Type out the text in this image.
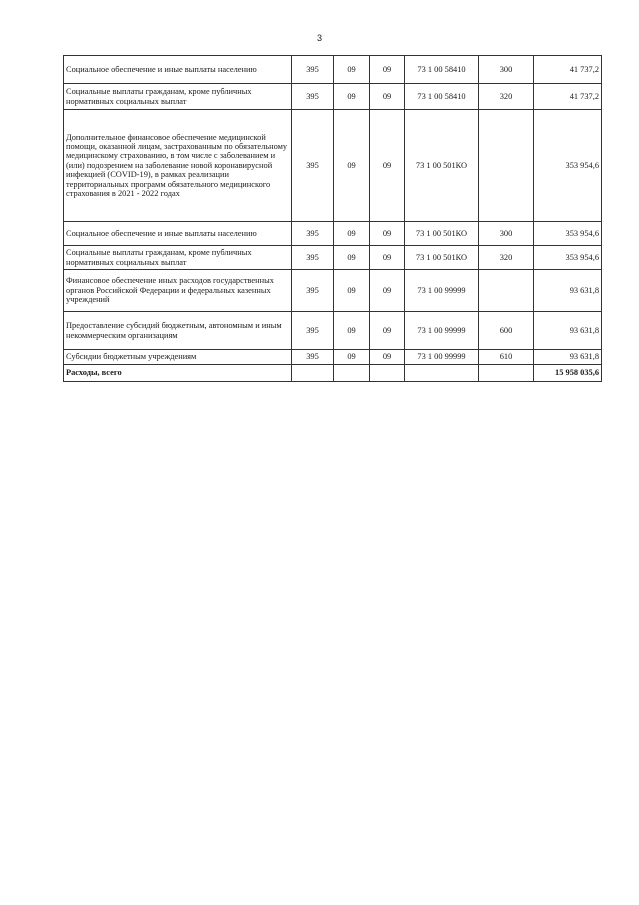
3
Социальное обеспечение и иные выплаты населению	395	09	09	73 1 00 58410	300	41 737,2
Социальные выплаты гражданам, кроме публичных нормативных социальных выплат	395	09	09	73 1 00 58410	320	41 737,2
Дополнительное финансовое обеспечение медицинской помощи, оказанной лицам, застрахованным по обязательному медицинскому страхованию, в том числе с заболеванием и (или) подозрением на заболевание новой коронавирусной инфекцией (COVID-19), в рамках реализации территориальных программ обязательного медицинского страхования в 2021 - 2022 годах	395	09	09	73 1 00 501КО		353 954,6
Социальное обеспечение и иные выплаты населению	395	09	09	73 1 00 501КО	300	353 954,6
Социальные выплаты гражданам, кроме публичных нормативных социальных выплат	395	09	09	73 1 00 501КО	320	353 954,6
Финансовое обеспечение иных расходов государственных органов Российской Федерации и федеральных казенных учреждений	395	09	09	73 1 00 99999		93 631,8
Предоставление субсидий бюджетным, автономным и иным некоммерческим организациям	395	09	09	73 1 00 99999	600	93 631,8
Субсидии бюджетным учреждениям	395	09	09	73 1 00 99999	610	93 631,8
Расходы, всего						15 958 035,6
